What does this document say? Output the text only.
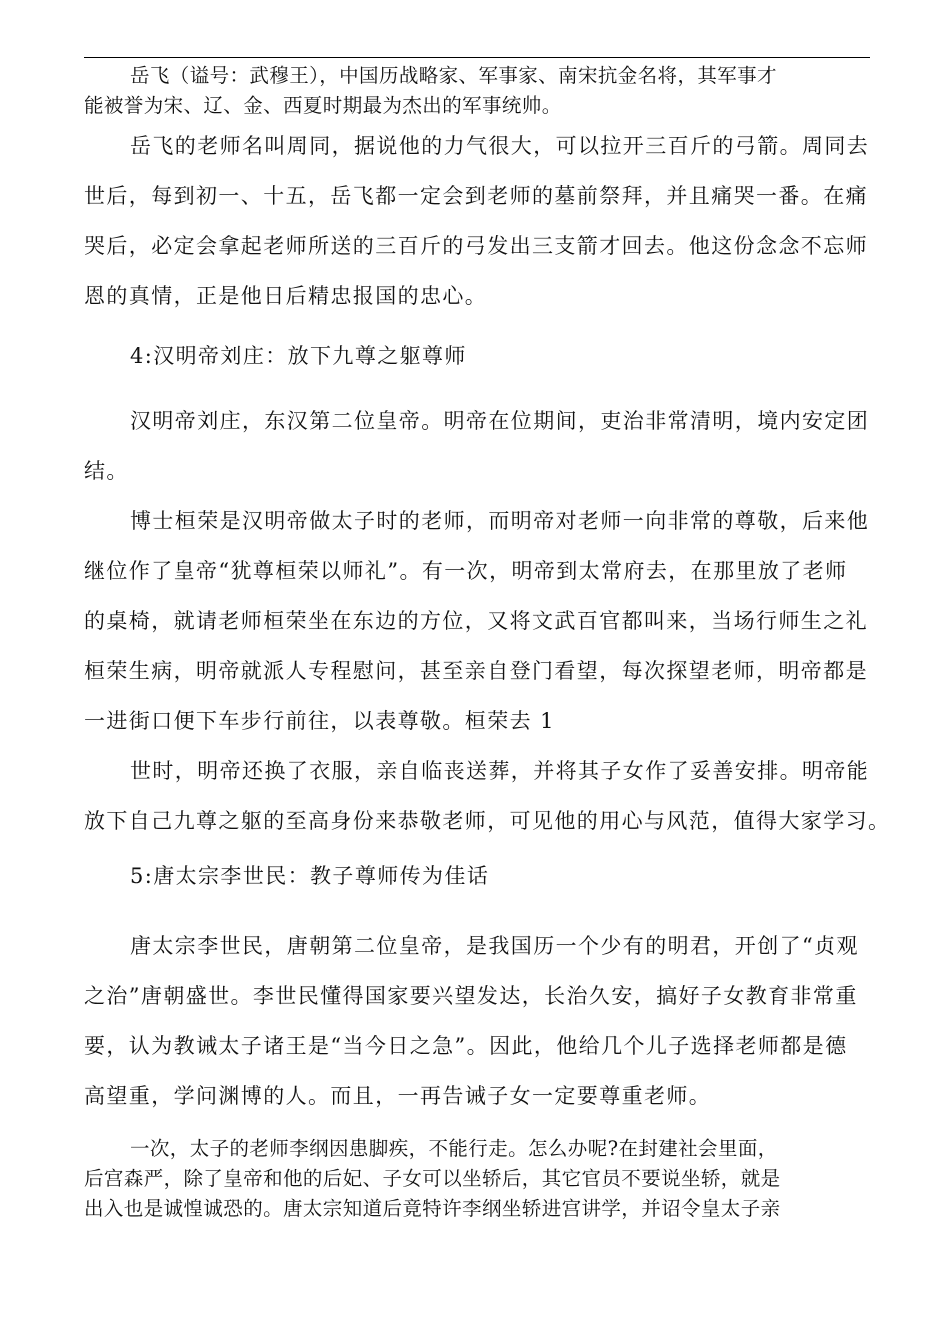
岳飞（谥号：武穆王），中国历战略家、军事家、南宋抗金名将，其军事才

能被誉为宋、辽、金、西夏时期最为杰出的军事统帅。

岳飞的老师名叫周同，据说他的力气很大，可以拉开三百斤的弓箭。周同去

世后，每到初一、十五，岳飞都一定会到老师的墓前祭拜，并且痛哭一番。在痛

哭后，必定会拿起老师所送的三百斤的弓发出三支箭才回去。他这份念念不忘师

恩的真情，正是他日后精忠报国的忠心。

4:汉明帝刘庄：放下九尊之躯尊师

汉明帝刘庄，东汉第二位皇帝。明帝在位期间，吏治非常清明，境内安定团

结。

博士桓荣是汉明帝做太子时的老师，而明帝对老师一向非常的尊敬，后来他

继位作了皇帝“犹尊桓荣以师礼”。有一次，明帝到太常府去，在那里放了老师

的桌椅，就请老师桓荣坐在东边的方位，又将文武百官都叫来，当场行师生之礼

桓荣生病，明帝就派人专程慰问，甚至亲自登门看望，每次探望老师，明帝都是

一进街口便下车步行前往，以表尊敬。桓荣去 1

世时，明帝还换了衣服，亲自临丧送葬，并将其子女作了妥善安排。明帝能

放下自己九尊之躯的至高身份来恭敬老师，可见他的用心与风范，值得大家学习。

5:唐太宗李世民：教子尊师传为佳话

唐太宗李世民，唐朝第二位皇帝，是我国历一个少有的明君，开创了“贞观

之治”唐朝盛世。李世民懂得国家要兴望发达，长治久安，搞好子女教育非常重

要，认为教诫太子诸王是“当今日之急”。因此，他给几个儿子选择老师都是德

高望重，学问渊博的人。而且，一再告诫子女一定要尊重老师。

一次，太子的老师李纲因患脚疾，不能行走。怎么办呢?在封建社会里面，

后宫森严，除了皇帝和他的后妃、子女可以坐轿后，其它官员不要说坐轿，就是

出入也是诚惶诚恐的。唐太宗知道后竟特许李纲坐轿进宫讲学，并诏令皇太子亲
